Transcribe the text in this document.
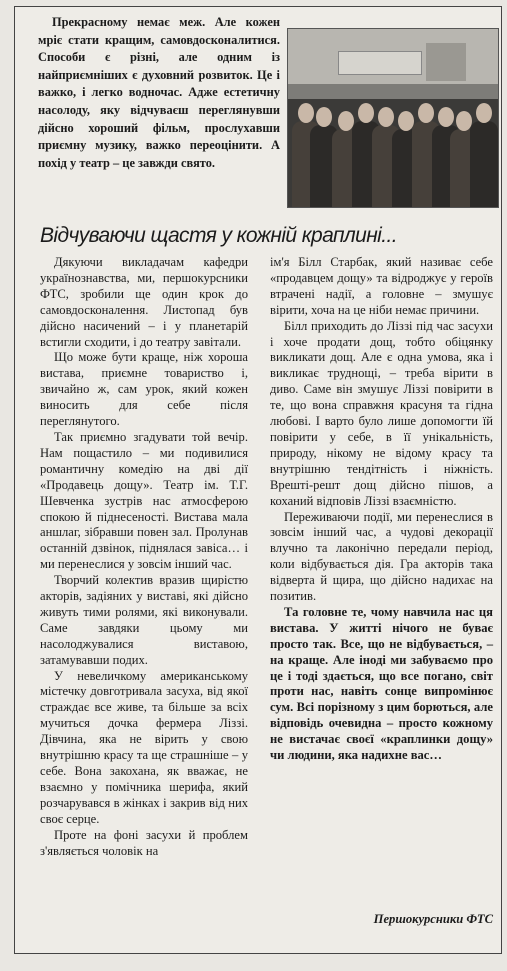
Прекрасному немає меж. Але кожен мріє стати кращим, самовдосконалитися. Способи є різні, але одним із найприємніших є духовний розвиток. Це і важко, і легко водночас. Адже естетичну насолоду, яку відчуваєш переглянувши дійсно хороший фільм, прослухавши приємну музику, важко переоцінити. А похід у театр – це завжди свято.

Відчуваючи щастя у кожній краплині...

Дякуючи викладачам кафедри українознавства, ми, першокурсники ФТС, зробили ще один крок до самовдосконалення. Листопад був дійсно насичений – і у планетарій встигли сходити, і до театру завітали.

Що може бути краще, ніж хороша вистава, приємне товариство і, звичайно ж, сам урок, який кожен виносить для себе після переглянутого.

Так приємно згадувати той вечір. Нам пощастило – ми подивилися романтичну комедію на дві дії «Продавець дощу». Театр ім. Т.Г. Шевченка зустрів нас атмосферою спокою й піднесеності. Вистава мала аншлаг, зібравши повен зал. Пролунав останній дзвінок, піднялася завіса… і ми перенеслися у зовсім інший час.

Творчий колектив вразив щирістю акторів, задіяних у виставі, які дійсно живуть тими ролями, які виконували. Саме завдяки цьому ми насолоджувалися виставою, затамувавши подих.

У невеличкому американському містечку довготривала засуха, від якої страждає все живе, та більше за всіх мучиться дочка фермера Ліззі. Дівчина, яка не вірить у свою внутрішню красу та ще страшніше – у себе. Вона закохана, як вважає, не взаємно у помічника шерифа, який розчарувався в жінках і закрив від них своє серце.

Проте на фоні засухи й проблем з'являється чоловік на

ім'я Білл Старбак, який називає себе «продавцем дощу» та відроджує у героїв втрачені надії, а головне – змушує вірити, хоча на це ніби немає причини.

Білл приходить до Ліззі під час засухи і хоче продати дощ, тобто обіцянку викликати дощ. Але є одна умова, яка і викликає труднощі, – треба вірити в диво. Саме він змушує Ліззі повірити в те, що вона справжня красуня та гідна любові. І варто було лише допомогти їй повірити у себе, в її унікальність, природу, нікому не відому красу та внутрішню тендітність і ніжність. Врешті-решт дощ дійсно пішов, а коханий відповів Ліззі взаємністю.

Переживаючи події, ми перенеслися в зовсім інший час, а чудові декорації влучно та лаконічно передали період, коли відбувається дія. Гра акторів така відверта й щира, що дійсно надихає на позитив.

Та головне те, чому навчила нас ця вистава. У житті нічого не буває просто так. Все, що не відбувається, – на краще. Але іноді ми забуваємо про це і тоді здається, що все погано, світ проти нас, навіть сонце випромінює сум. Всі порізному з цим борються, але відповідь очевидна – просто кожному не вистачає своєї «краплинки дощу» чи людини, яка надихне вас…

Першокурсники ФТС
